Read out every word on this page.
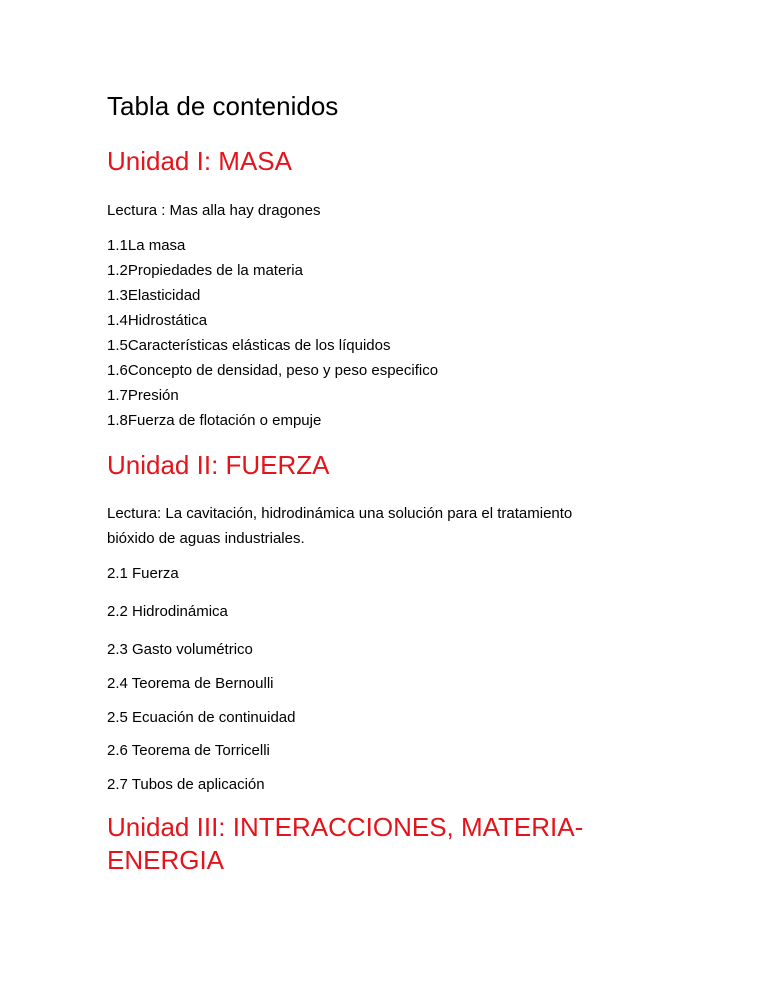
Tabla de contenidos
Unidad I: MASA
Lectura : Mas alla hay dragones
1.1La masa
1.2Propiedades de la materia
1.3Elasticidad
1.4Hidrostática
1.5Características elásticas de los líquidos
1.6Concepto de densidad, peso y peso especifico
1.7Presión
1.8Fuerza de flotación o empuje
Unidad II: FUERZA
Lectura: La cavitación, hidrodinámica una solución para el tratamiento
bióxido de aguas industriales.
2.1 Fuerza
2.2 Hidrodinámica
2.3 Gasto volumétrico
2.4 Teorema de Bernoulli
2.5 Ecuación de continuidad
2.6 Teorema de Torricelli
2.7 Tubos de aplicación
Unidad III: INTERACCIONES, MATERIA-
ENERGIA
